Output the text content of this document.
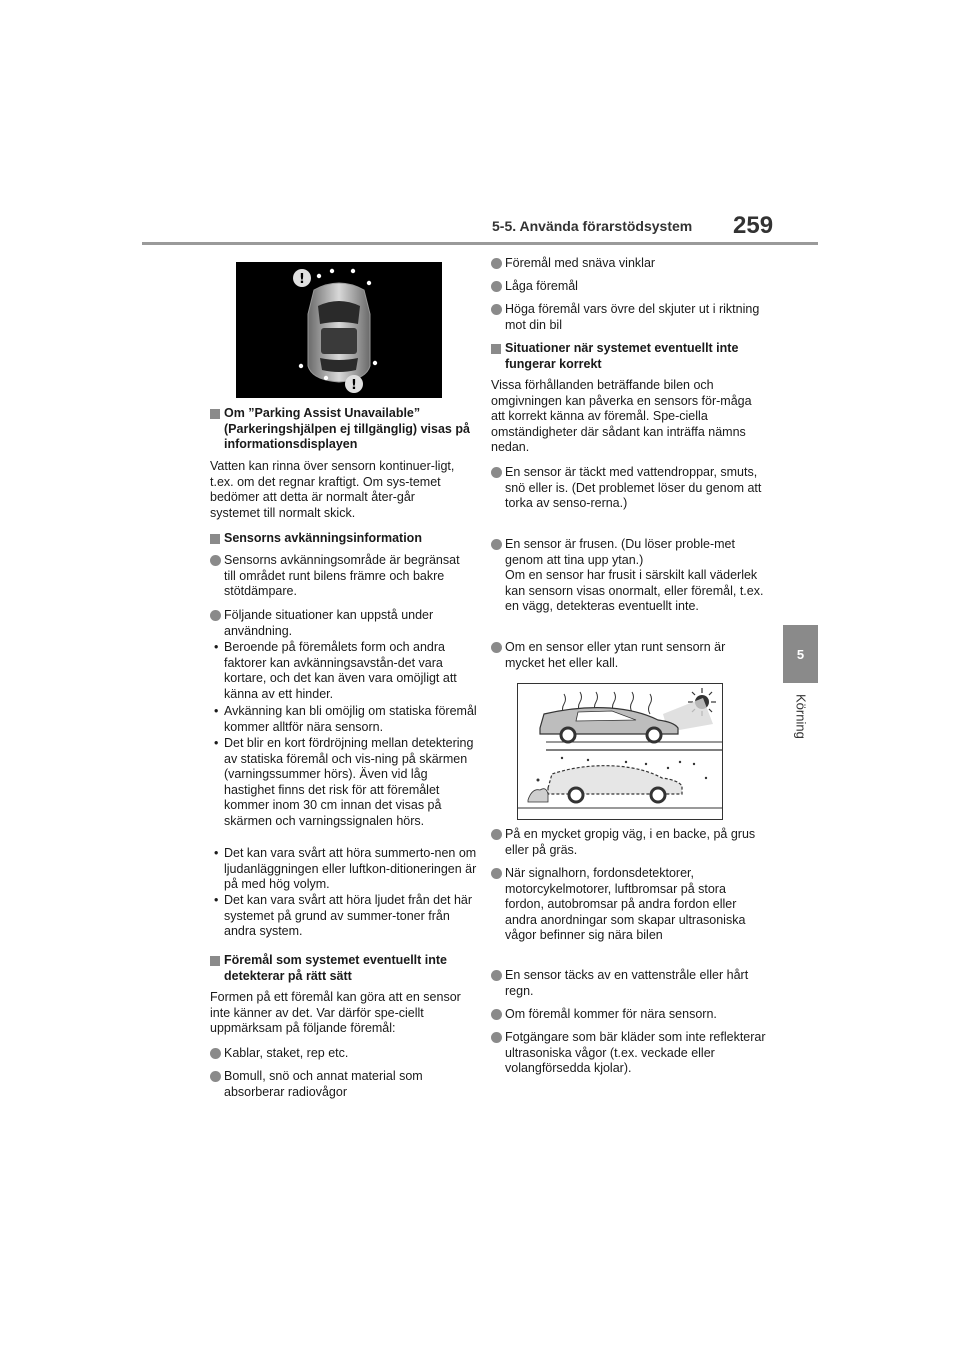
5-5. Använda förarstödsystem 259
5
Körning
!
!
Om ”Parking Assist Unavailable” (Parkeringshjälpen ej tillgänglig) visas på informationsdisplayen
Vatten kan rinna över sensorn kontinuer-ligt, t.ex. om det regnar kraftigt. Om sys-temet bedömer att detta är normalt åter-går systemet till normalt skick.
Sensorns avkänningsinformation
Sensorns avkänningsområde är begränsat till området runt bilens främre och bakre stötdämpare.
Följande situationer kan uppstå under användning.
• Beroende på föremålets form och andra faktorer kan avkänningsavstån-det vara kortare, och det kan även vara omöjligt att känna av ett hinder.
• Avkänning kan bli omöjlig om statiska föremål kommer alltför nära sensorn.
• Det blir en kort fördröjning mellan detektering av statiska föremål och vis-ning på skärmen (varningssummer hörs). Även vid låg hastighet finns det risk för att föremålet kommer inom 30 cm innan det visas på skärmen och varningssignalen hörs.
• Det kan vara svårt att höra summerto-nen om ljudanläggningen eller luftkon-ditioneringen är på med hög volym.
• Det kan vara svårt att höra ljudet från det här systemet på grund av summer-toner från andra system.
Föremål som systemet eventuellt inte detekterar på rätt sätt
Formen på ett föremål kan göra att en sensor inte känner av det. Var därför spe-ciellt uppmärksam på följande föremål:
Kablar, staket, rep etc.
Bomull, snö och annat material som absorberar radiovågor
Föremål med snäva vinklar
Låga föremål
Höga föremål vars övre del skjuter ut i riktning mot din bil
Situationer när systemet eventuellt inte fungerar korrekt
Vissa förhållanden beträffande bilen och omgivningen kan påverka en sensors för-måga att korrekt känna av föremål. Spe-ciella omständigheter där sådant kan inträffa nämns nedan.
En sensor är täckt med vattendroppar, smuts, snö eller is. (Det problemet löser du genom att torka av senso-rerna.)
En sensor är frusen. (Du löser proble-met genom att tina upp ytan.)
Om en sensor har frusit i särskilt kall väderlek kan sensorn visas onormalt, eller föremål, t.ex. en vägg, detekteras eventuellt inte.
Om en sensor eller ytan runt sensorn är mycket het eller kall.
På en mycket gropig väg, i en backe, på grus eller på gräs.
När signalhorn, fordonsdetektorer, motorcykelmotorer, luftbromsar på stora fordon, autobromsar på andra fordon eller andra anordningar som skapar ultrasoniska vågor befinner sig nära bilen
En sensor täcks av en vattenstråle eller hårt regn.
Om föremål kommer för nära sensorn.
Fotgängare som bär kläder som inte reflekterar ultrasoniska vågor (t.ex. veckade eller volangförsedda kjolar).
